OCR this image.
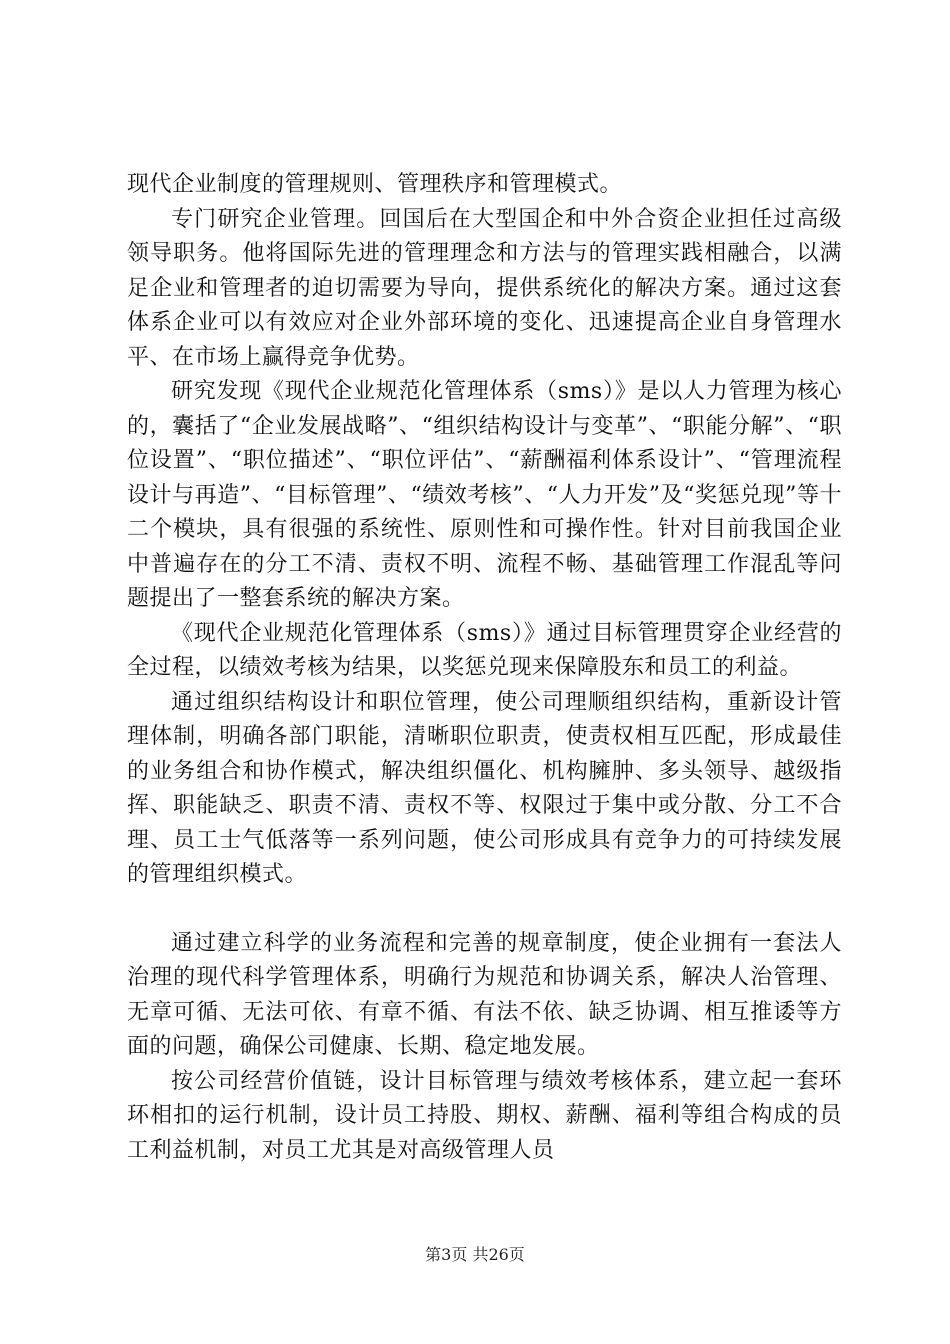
现代企业制度的管理规则、管理秩序和管理模式。

专门研究企业管理。回国后在大型国企和中外合资企业担任过高级领导职务。他将国际先进的管理理念和方法与的管理实践相融合，以满足企业和管理者的迫切需要为导向，提供系统化的解决方案。通过这套体系企业可以有效应对企业外部环境的变化、迅速提高企业自身管理水平、在市场上赢得竞争优势。

研究发现《现代企业规范化管理体系（sms）》是以人力管理为核心的，囊括了“企业发展战略”、“组织结构设计与变革”、“职能分解”、“职位设置”、“职位描述”、“职位评估”、“薪酬福利体系设计”、“管理流程设计与再造”、“目标管理”、“绩效考核”、“人力开发”及“奖惩兑现”等十二个模块，具有很强的系统性、原则性和可操作性。针对目前我国企业中普遍存在的分工不清、责权不明、流程不畅、基础管理工作混乱等问题提出了一整套系统的解决方案。

《现代企业规范化管理体系（sms）》通过目标管理贯穿企业经营的全过程，以绩效考核为结果，以奖惩兑现来保障股东和员工的利益。

通过组织结构设计和职位管理，使公司理顺组织结构，重新设计管理体制，明确各部门职能，清晰职位职责，使责权相互匹配，形成最佳的业务组合和协作模式，解决组织僵化、机构臃肿、多头领导、越级指挥、职能缺乏、职责不清、责权不等、权限过于集中或分散、分工不合理、员工士气低落等一系列问题，使公司形成具有竞争力的可持续发展的管理组织模式。

通过建立科学的业务流程和完善的规章制度，使企业拥有一套法人治理的现代科学管理体系，明确行为规范和协调关系，解决人治管理、无章可循、无法可依、有章不循、有法不依、缺乏协调、相互推诿等方面的问题，确保公司健康、长期、稳定地发展。

按公司经营价值链，设计目标管理与绩效考核体系，建立起一套环环相扣的运行机制，设计员工持股、期权、薪酬、福利等组合构成的员工利益机制，对员工尤其是对高级管理人员

第3页 共26页
